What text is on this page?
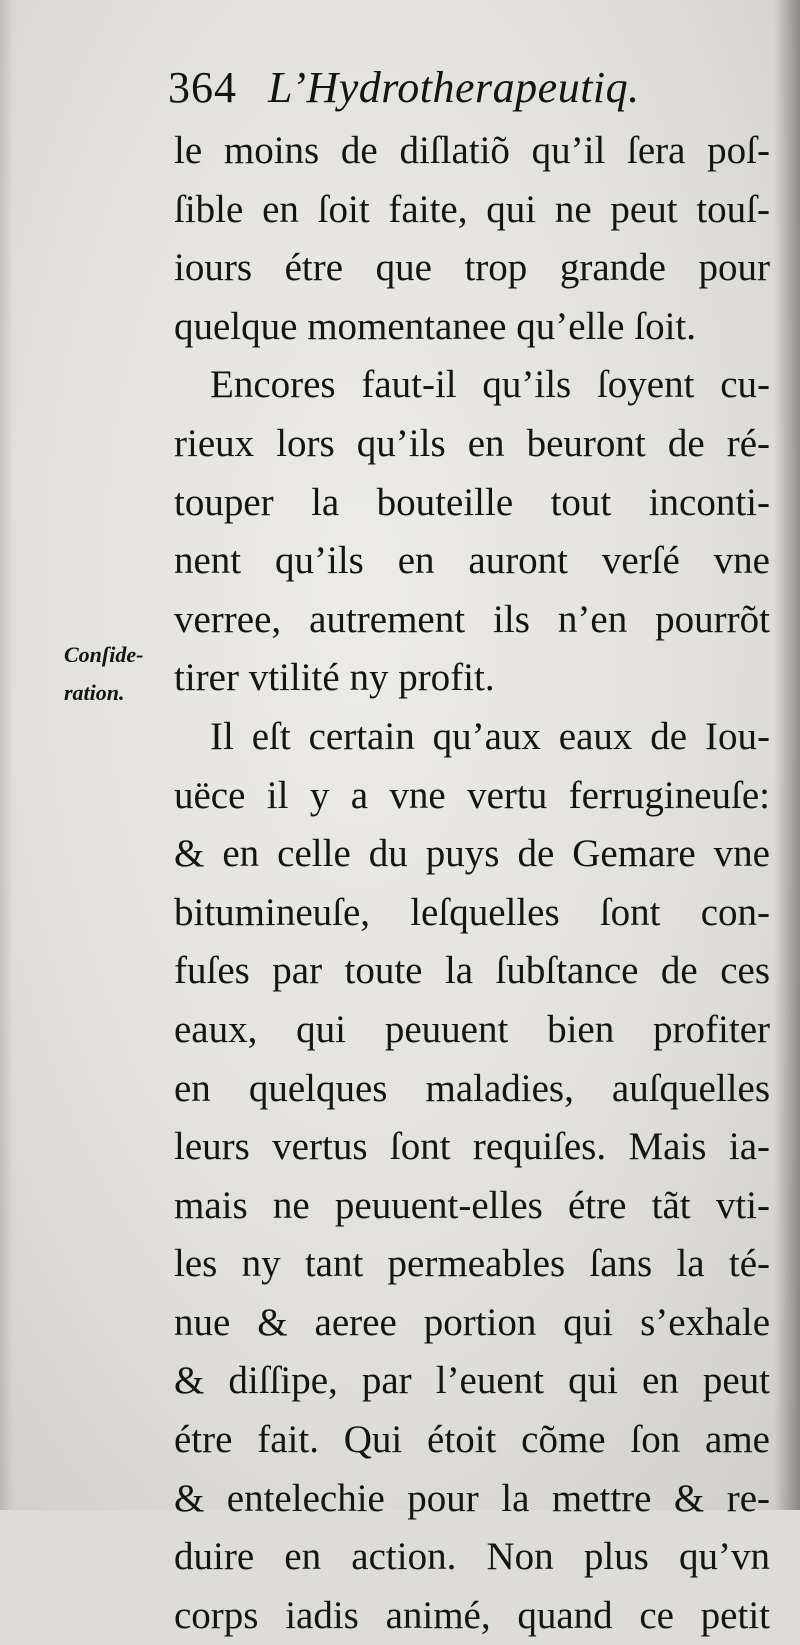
364 L’Hydrotherapeutiq.
Conſide-
ration.
le moins de diſlatiõ qu’il ſera poſ-
ſible en ſoit faite, qui ne peut touſ-
iours étre que trop grande pour
quelque momentanee qu’elle ſoit.
Encores faut-il qu’ils ſoyent cu-
rieux lors qu’ils en beuront de ré-
touper la bouteille tout inconti-
nent qu’ils en auront verſé vne
verree, autrement ils n’en pourrõt
tirer vtilité ny profit.
Il eſt certain qu’aux eaux de Iou-
uëce il y a vne vertu ferrugineuſe:
& en celle du puys de Gemare vne
bitumineuſe, leſquelles ſont con-
fuſes par toute la ſubſtance de ces
eaux, qui peuuent bien profiter
en quelques maladies, auſquelles
leurs vertus ſont requiſes. Mais ia-
mais ne peuuent-elles étre tãt vti-
les ny tant permeables ſans la té-
nue & aeree portion qui s’exhale
& diſſipe, par l’euent qui en peut
étre fait. Qui étoit cõme ſon ame
& entelechie pour la mettre & re-
duire en action. Non plus qu’vn
corps iadis animé, quand ce petit
